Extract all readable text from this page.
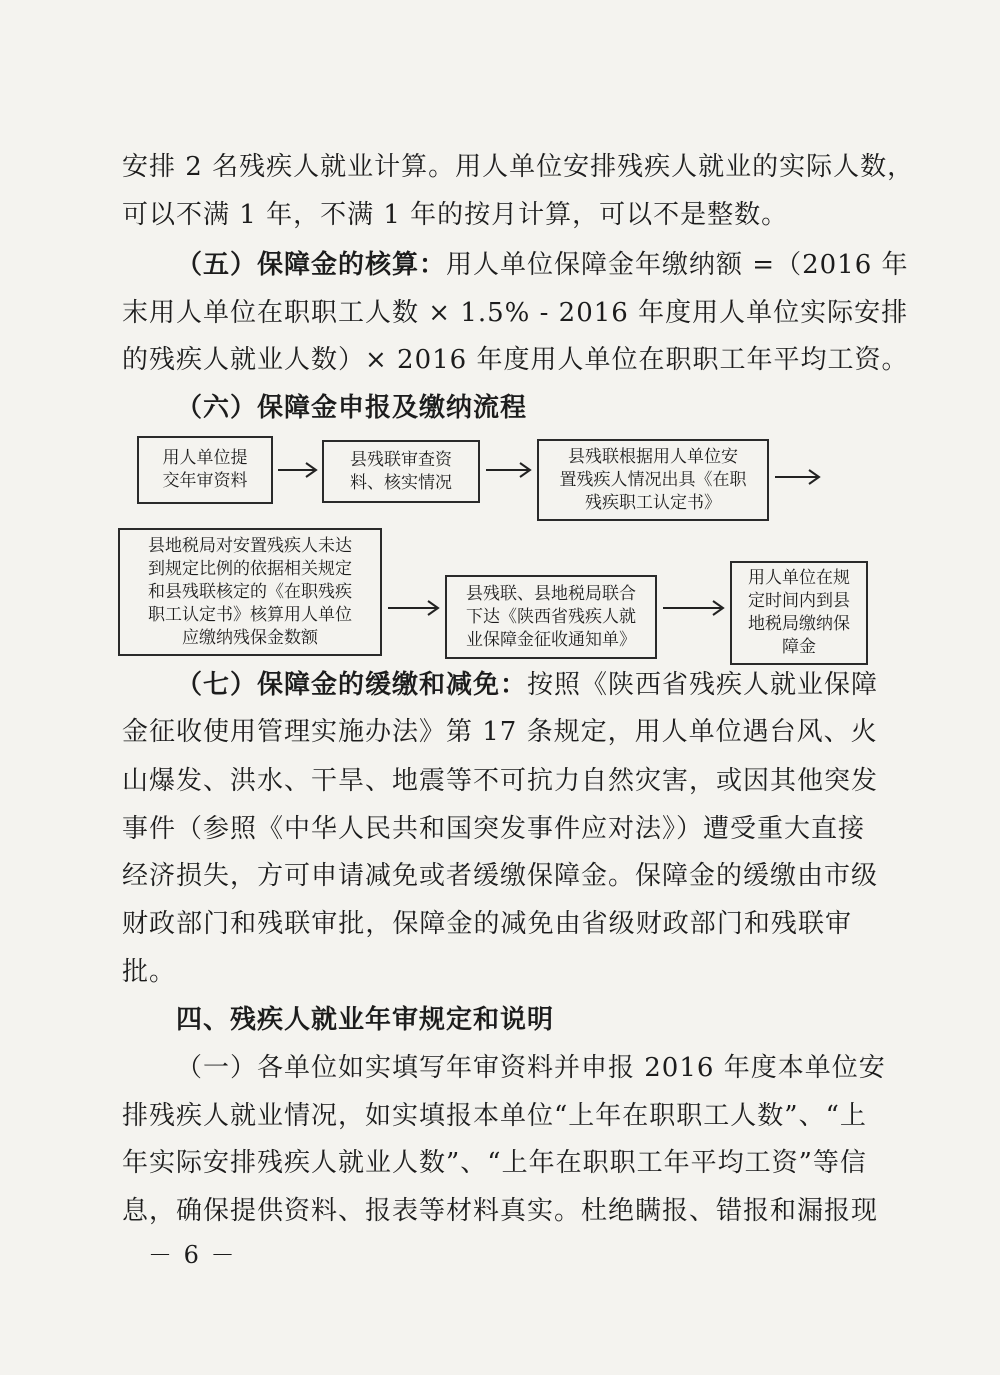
安排 2 名残疾人就业计算。用人单位安排残疾人就业的实际人数，
可以不满 1 年，不满 1 年的按月计算，可以不是整数。
（五）保障金的核算：用人单位保障金年缴纳额 =（2016 年
末用人单位在职职工人数 × 1.5% - 2016 年度用人单位实际安排
的残疾人就业人数）× 2016 年度用人单位在职职工年平均工资。
（六）保障金申报及缴纳流程
用人单位提
交年审资料
县残联审查资
料、核实情况
县残联根据用人单位安
置残疾人情况出具《在职
残疾职工认定书》
县地税局对安置残疾人未达
到规定比例的依据相关规定
和县残联核定的《在职残疾
职工认定书》核算用人单位
应缴纳残保金数额
县残联、县地税局联合
下达《陕西省残疾人就
业保障金征收通知单》
用人单位在规
定时间内到县
地税局缴纳保
障金
（七）保障金的缓缴和减免：按照《陕西省残疾人就业保障
金征收使用管理实施办法》第 17 条规定，用人单位遇台风、火
山爆发、洪水、干旱、地震等不可抗力自然灾害，或因其他突发
事件（参照《中华人民共和国突发事件应对法》）遭受重大直接
经济损失，方可申请减免或者缓缴保障金。保障金的缓缴由市级
财政部门和残联审批，保障金的减免由省级财政部门和残联审
批。
四、残疾人就业年审规定和说明
（一）各单位如实填写年审资料并申报 2016 年度本单位安
排残疾人就业情况，如实填报本单位“上年在职职工人数”、“上
年实际安排残疾人就业人数”、“上年在职职工年平均工资”等信
息，确保提供资料、报表等材料真实。杜绝瞒报、错报和漏报现
－ 6 －
